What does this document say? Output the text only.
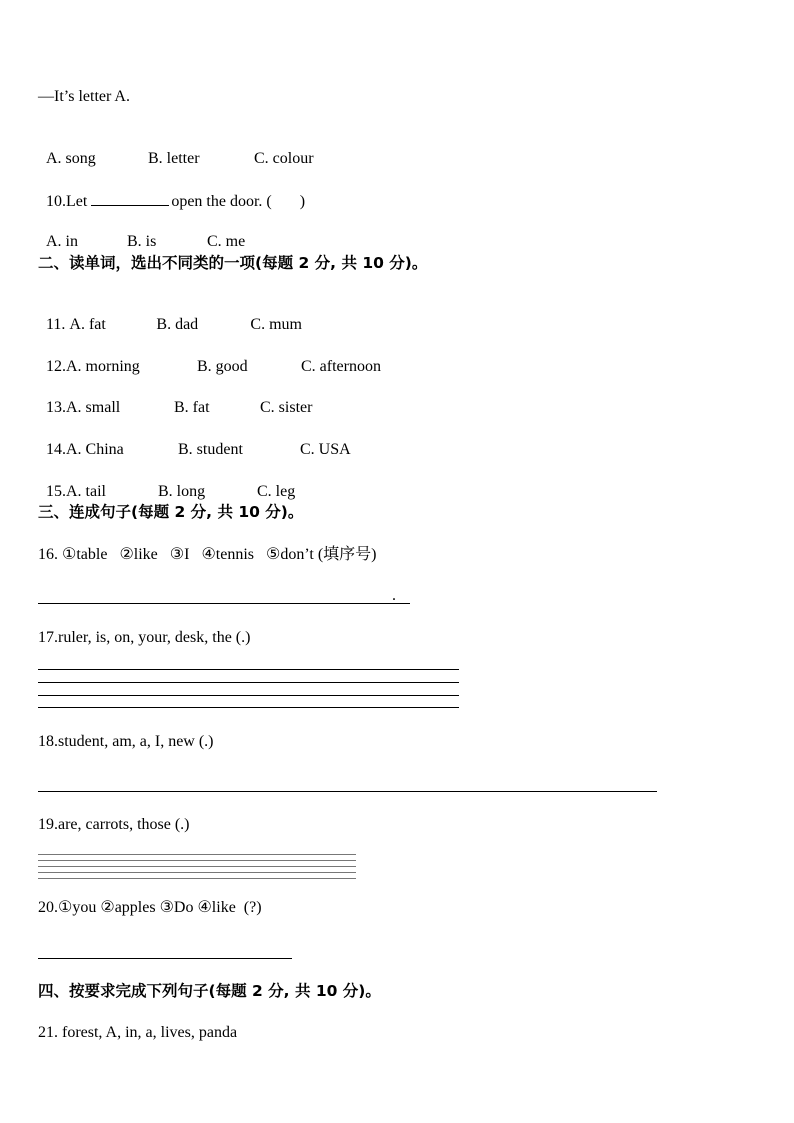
—It’s letter A.

A. song	B. letter	C. colour

10.Let	open the door. ( )

A. in	B. is	C. me

二、读单词，选出不同类的一项(每题 2 分, 共 10 分)。

11. A. fat	B. dad	C. mum

12.A. morning	B. good	C. afternoon

13.A. small	B. fat	C. sister

14.A. China	B. student	C. USA

15.A. tail	B. long	C. leg

三、连成句子(每题 2 分, 共 10 分)。
16. ①table   ②like   ③I   ④tennis   ⑤don’t (填序号)
.
17.ruler, is, on, your, desk, the (.)
18.student, am, a, I, new (.)
19.are, carrots, those (.)
20.①you ②apples ③Do ④like  (?)
四、按要求完成下列句子(每题 2 分, 共 10 分)。
21. forest, A, in, a, lives, panda
